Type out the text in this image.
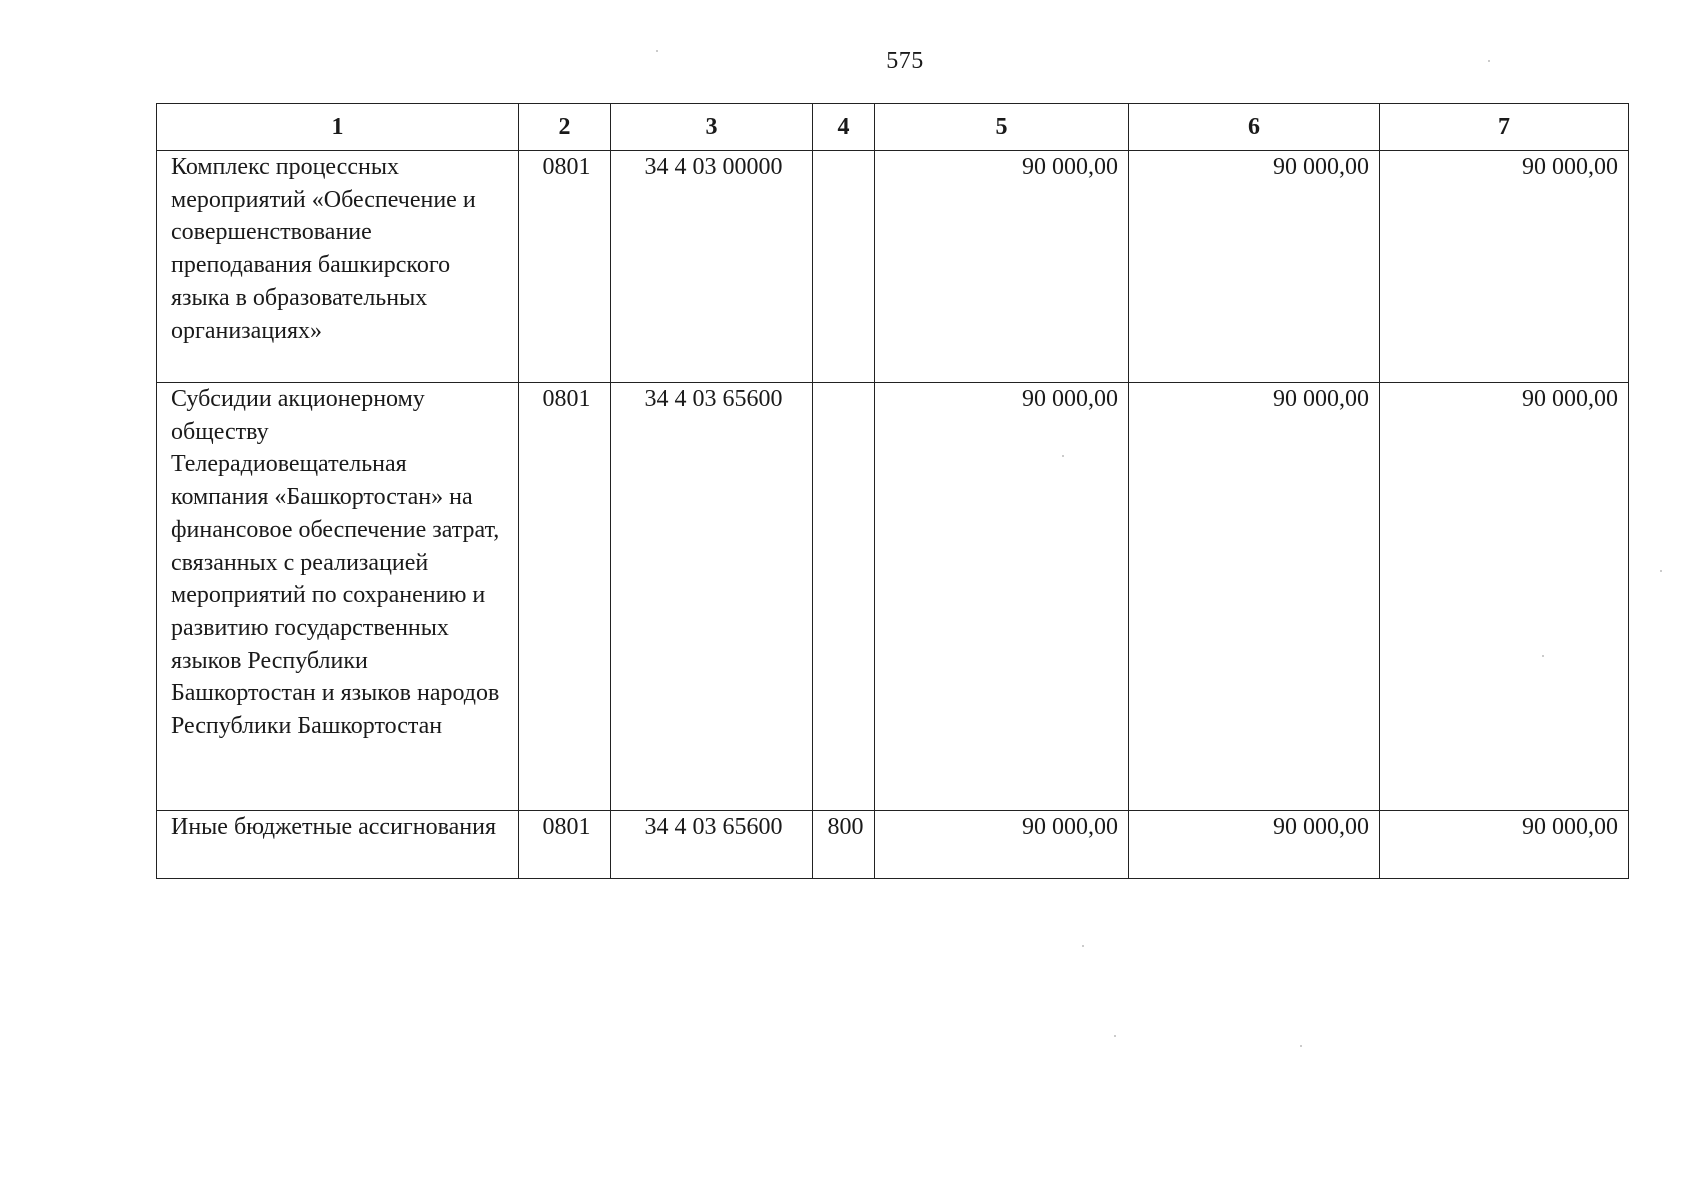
575
1	2	3	4	5	6	7
Комплекс процессных мероприятий «Обеспечение и совершенствование преподавания башкирского языка в образовательных организациях»	0801	34 4 03 00000		90 000,00	90 000,00	90 000,00
Субсидии акционерному обществу Телерадиовещательная компания «Башкортостан» на финансовое обеспечение затрат, связанных с реализацией мероприятий по сохранению и развитию государственных языков Республики Башкортостан и языков народов Республики Башкортостан	0801	34 4 03 65600		90 000,00	90 000,00	90 000,00
Иные бюджетные ассигнования	0801	34 4 03 65600	800	90 000,00	90 000,00	90 000,00
